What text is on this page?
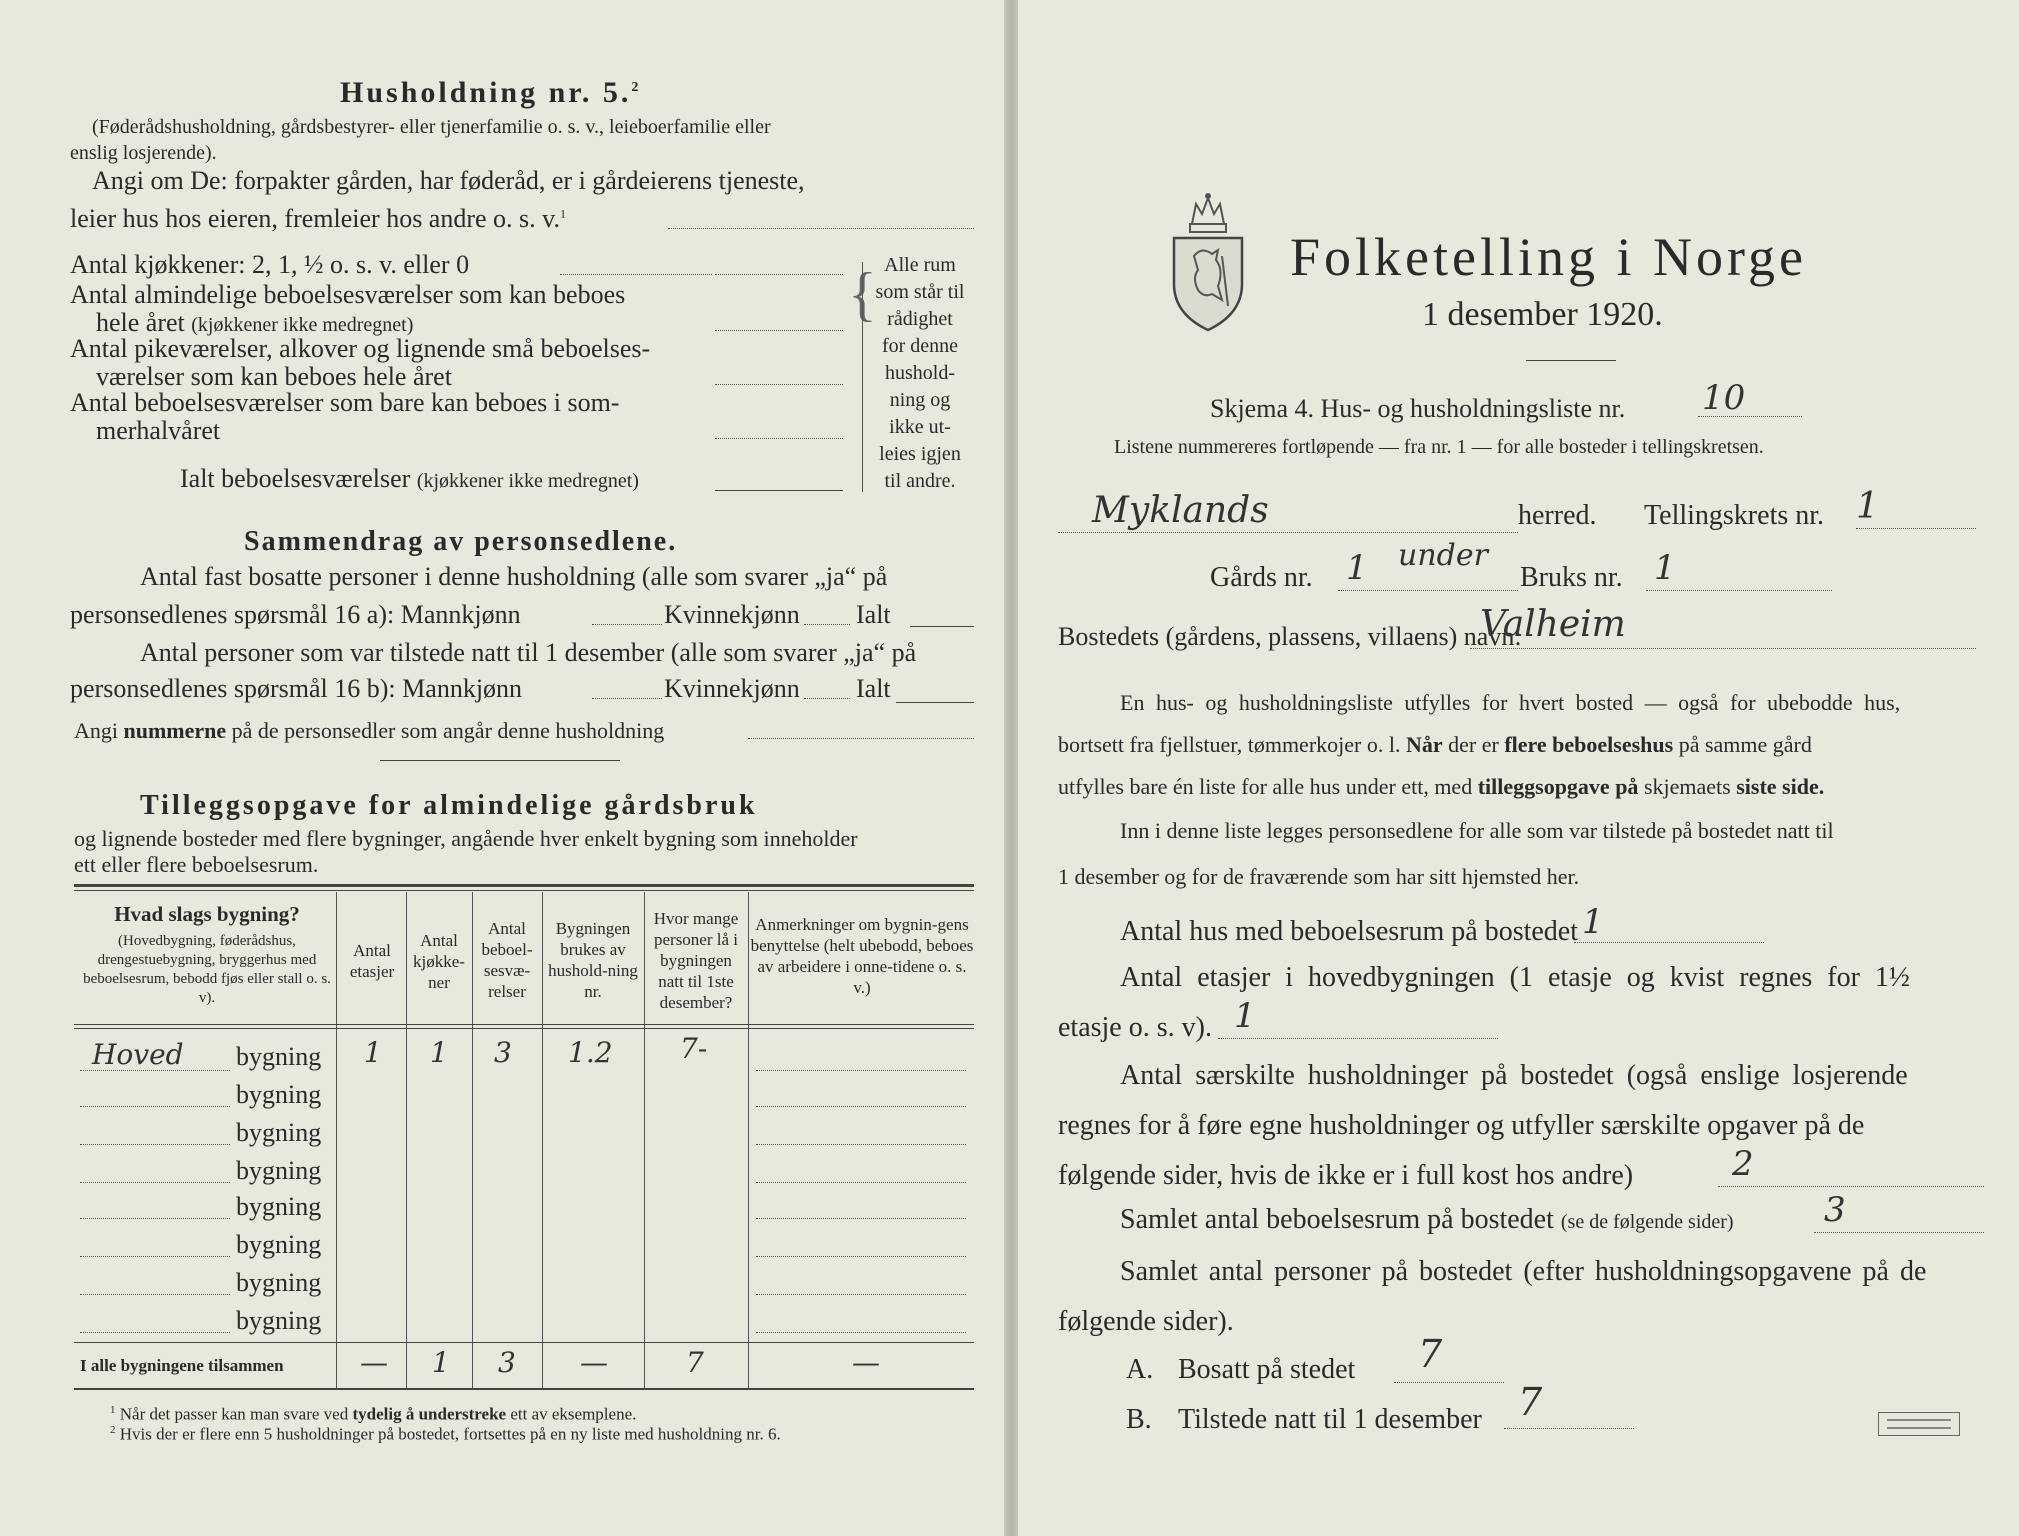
Husholdning nr. 5.$^2$
(Føderådshusholdning, gårdsbestyrer- eller tjenerfamilie o. s. v., leieboerfamilie eller
enslig losjerende).
Angi om De: forpakter gården, har føderåd, er i gårdeierens tjeneste,
leier hus hos eieren, fremleier hos andre o. s. v.$^1$
Antal kjøkkener: 2, 1, ½ o. s. v. eller 0
Antal almindelige beboelsesværelser som kan beboes
hele året (kjøkkener ikke medregnet)
Antal pikeværelser, alkover og lignende små beboelses-
værelser som kan beboes hele året
Antal beboelsesværelser som bare kan beboes i som-
merhalvåret
Ialt beboelsesværelser (kjøkkener ikke medregnet)
{ Alle rum
som står til
rådighet
for denne
hushold-
ning og
ikke ut-
leies igjen
til andre.
Sammendrag av personsedlene.
Antal fast bosatte personer i denne husholdning (alle som svarer „ja“ på
personsedlenes spørsmål 16 a): Mannkjønn	Kvinnekjønn Ialt
Antal personer som var tilstede natt til 1 desember (alle som svarer „ja“ på
personsedlenes spørsmål 16 b): Mannkjønn	Kvinnekjønn Ialt
Angi nummerne på de personsedler som angår denne husholdning
Tilleggsopgave for almindelige gårdsbruk
og lignende bosteder med flere bygninger, angående hver enkelt bygning som inneholder
ett eller flere beboelsesrum.
Hvad slags bygning?
(Hovedbygning, føderådshus, drengestuebygning, bryggerhus med beboelsesrum, bebodd fjøs eller stall o. s. v).
Antal etasjer
Antal kjøkke-ner
Antal beboel-sesvæ-relser
Bygningen brukes av hushold-ning nr.
Hvor mange personer lå i bygningen natt til 1ste desember?
Anmerkninger om bygnin-gens benyttelse (helt ubebodd, beboes av arbeidere i onne-tidene o. s. v.)
Hoved bygning 1 1 3 1.2 7-
bygning
bygning
bygning
bygning
bygning
bygning
bygning
I alle bygningene tilsammen	— 1 3 —	7	—
$^1$ Når det passer kan man svare ved tydelig å understreke ett av eksemplene.
$^2$ Hvis der er flere enn 5 husholdninger på bostedet, fortsettes på en ny liste med husholdning nr. 6.
Folketelling i Norge
1 desember 1920.
Skjema 4. Hus- og husholdningsliste nr. 10
Listene nummereres fortløpende — fra nr. 1 — for alle bosteder i tellingskretsen.
Myklands	herred. Tellingskrets nr. 1
Gårds nr. 1 under
Bruks nr. 1
Bostedets (gårdens, plassens, villaens) navn:
Valheim
En hus- og husholdningsliste utfylles for hvert bosted — også for ubebodde hus,
bortsett fra fjellstuer, tømmerkojer o. l. Når der er flere beboelseshus på samme gård
utfylles bare én liste for alle hus under ett, med tilleggsopgave på skjemaets siste side.
Inn i denne liste legges personsedlene for alle som var tilstede på bostedet natt til
1 desember og for de fraværende som har sitt hjemsted her.
Antal hus med beboelsesrum på bostedet 1
Antal etasjer i hovedbygningen (1 etasje og kvist regnes for 1½
etasje o. s. v). 1
Antal særskilte husholdninger på bostedet (også enslige losjerende
regnes for å føre egne husholdninger og utfyller særskilte opgaver på de
følgende sider, hvis de ikke er i full kost hos andre)	2
Samlet antal beboelsesrum på bostedet (se de følgende sider)	3
Samlet antal personer på bostedet (efter husholdningsopgavene på de
følgende sider).
A. Bosatt på stedet 7
B. Tilstede natt til 1 desember 7
